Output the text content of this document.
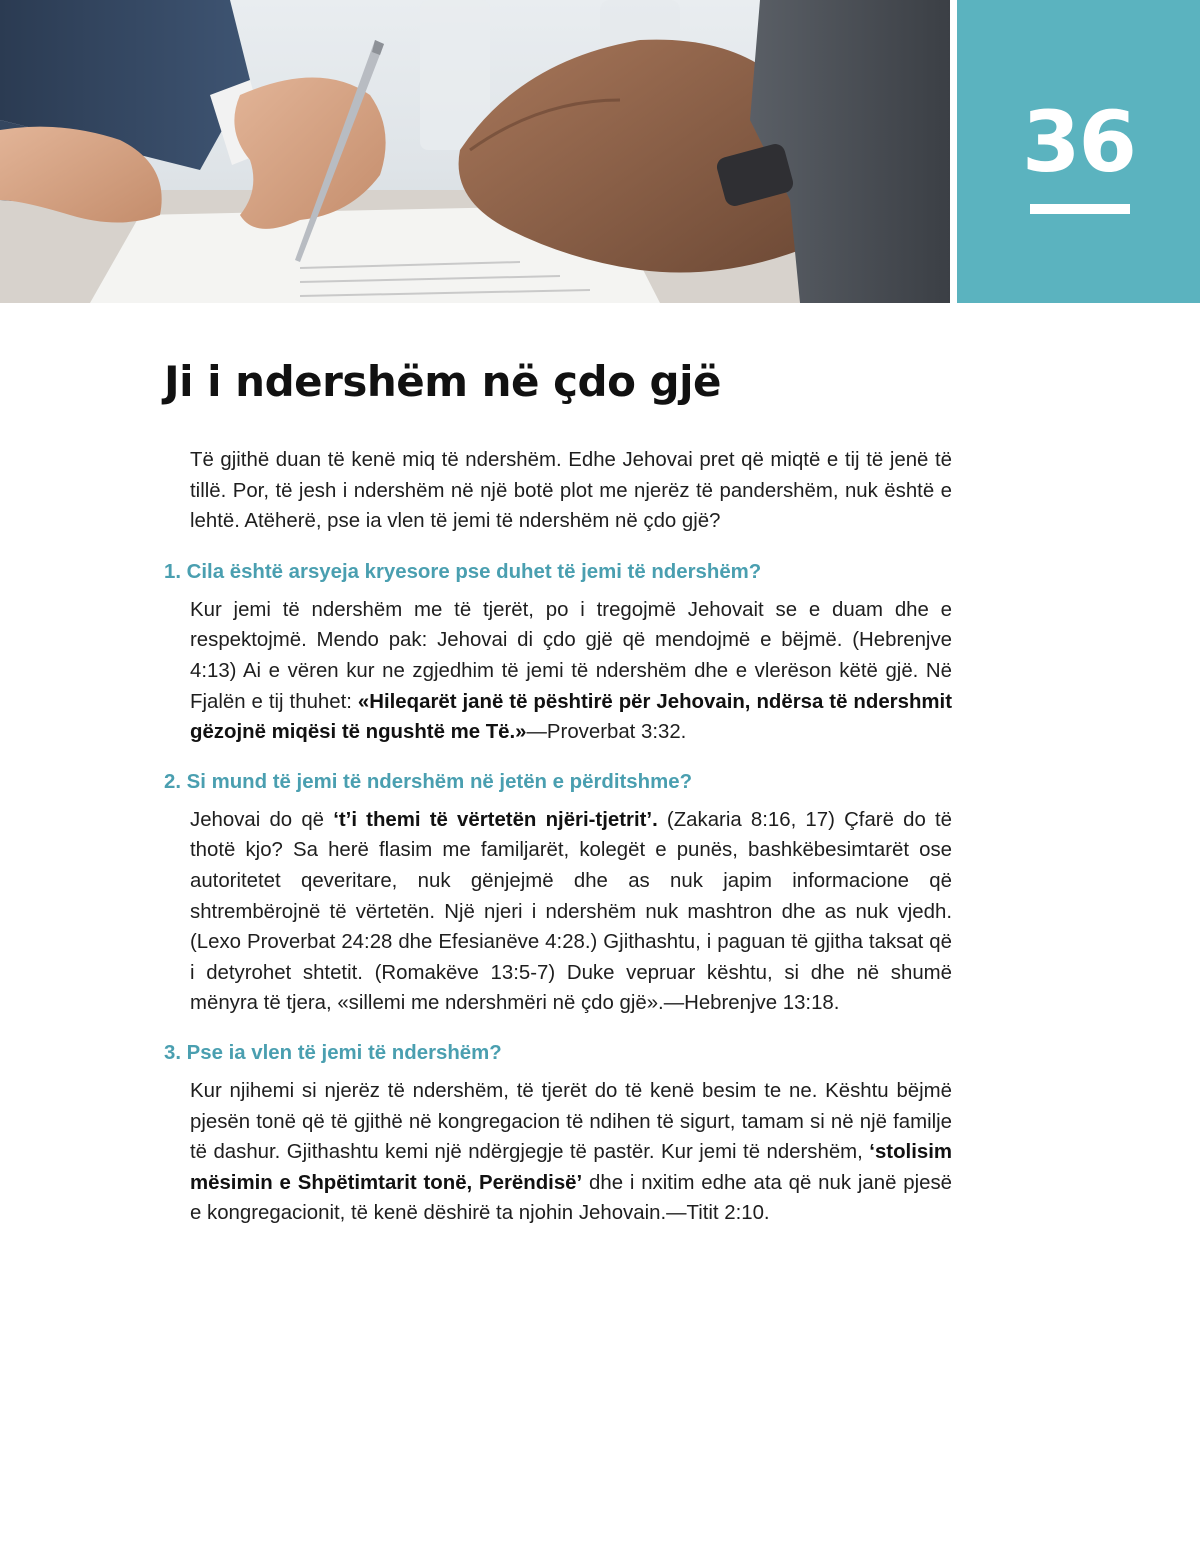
36
Ji i ndershëm në çdo gjë

Të gjithë duan të kenë miq të ndershëm. Edhe Jehovai pret që miqtë e tij të jenë të tillë. Por, të jesh i ndershëm në një botë plot me njerëz të pandershëm, nuk është e lehtë. Atëherë, pse ia vlen të jemi të ndershëm në çdo gjë?

1. Cila është arsyeja kryesore pse duhet të jemi të ndershëm?

Kur jemi të ndershëm me të tjerët, po i tregojmë Jehovait se e duam dhe e respektojmë. Mendo pak: Jehovai di çdo gjë që mendojmë e bëjmë. (Hebrenjve 4:13) Ai e vëren kur ne zgjedhim të jemi të ndershëm dhe e vlerëson këtë gjë. Në Fjalën e tij thuhet: «Hileqarët janë të pështirë për Jehovain, ndërsa të ndershmit gëzojnë miqësi të ngushtë me Të.»—Proverbat 3:32.

2. Si mund të jemi të ndershëm në jetën e përditshme?

Jehovai do që ‘t’i themi të vërtetën njëri-tjetrit’. (Zakaria 8:16, 17) Çfarë do të thotë kjo? Sa herë flasim me familjarët, kolegët e punës, bashkëbesimtarët ose autoritetet qeveritare, nuk gënjejmë dhe as nuk japim informacione që shtrembërojnë të vërtetën. Një njeri i ndershëm nuk mashtron dhe as nuk vjedh. (Lexo Proverbat 24:28 dhe Efesianëve 4:28.) Gjithashtu, i paguan të gjitha taksat që i detyrohet shtetit. (Romakëve 13:5-7) Duke vepruar kështu, si dhe në shumë mënyra të tjera, «sillemi me ndershmëri në çdo gjë».—Hebrenjve 13:18.

3. Pse ia vlen të jemi të ndershëm?

Kur njihemi si njerëz të ndershëm, të tjerët do të kenë besim te ne. Kështu bëjmë pjesën tonë që të gjithë në kongregacion të ndihen të sigurt, tamam si në një familje të dashur. Gjithashtu kemi një ndërgjegje të pastër. Kur jemi të ndershëm, ‘stolisim mësimin e Shpëtimtarit tonë, Perëndisë’ dhe i nxitim edhe ata që nuk janë pjesë e kongregacionit, të kenë dëshirë ta njohin Jehovain.—Titit 2:10.
